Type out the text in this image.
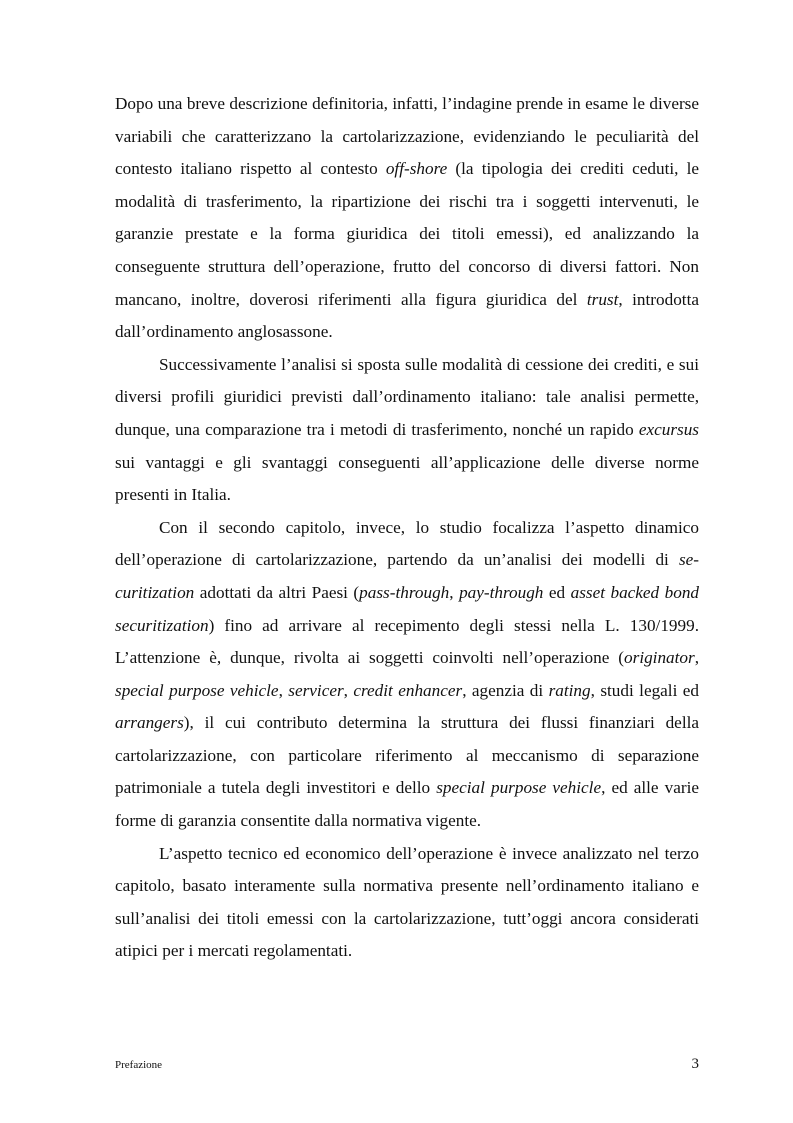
Dopo una breve descrizione definitoria, infatti, l’indagine prende in esame le diverse variabili che caratterizzano la cartolarizzazione, evidenziando le peculiarità del contesto italiano rispetto al contesto off-shore (la tipologia dei crediti ceduti, le modalità di trasferimento, la ripartizione dei rischi tra i soggetti intervenuti, le garanzie prestate e la forma giuridica dei titoli emessi), ed analizzando la conseguente struttura dell’operazione, frutto del concorso di diversi fattori. Non mancano, inoltre, doverosi riferimenti alla figura giuridica del trust, introdotta dall’ordinamento anglosassone.

Successivamente l’analisi si sposta sulle modalità di cessione dei crediti, e sui diversi profili giuridici previsti dall’ordinamento italiano: tale analisi permette, dunque, una comparazione tra i metodi di trasferimento, nonché un rapido excursus sui vantaggi e gli svantaggi conseguenti all’applicazione delle diverse norme presenti in Italia.

Con il secondo capitolo, invece, lo studio focalizza l’aspetto dinamico dell’operazione di cartolarizzazione, partendo da un’analisi dei modelli di securitization adottati da altri Paesi (pass-through, pay-through ed asset backed bond securitization) fino ad arrivare al recepimento degli stessi nella L. 130/1999. L’attenzione è, dunque, rivolta ai soggetti coinvolti nell’operazione (originator, special purpose vehicle, servicer, credit enhancer, agenzia di rating, studi legali ed arrangers), il cui contributo determina la struttura dei flussi finanziari della cartolarizzazione, con particolare riferimento al meccanismo di separazione patrimoniale a tutela degli investitori e dello special purpose vehicle, ed alle varie forme di garanzia consentite dalla normativa vigente.

L’aspetto tecnico ed economico dell’operazione è invece analizzato nel terzo capitolo, basato interamente sulla normativa presente nell’ordinamento italiano e sull’analisi dei titoli emessi con la cartolarizzazione, tutt’oggi ancora considerati atipici per i mercati regolamentati.

Prefazione	3
